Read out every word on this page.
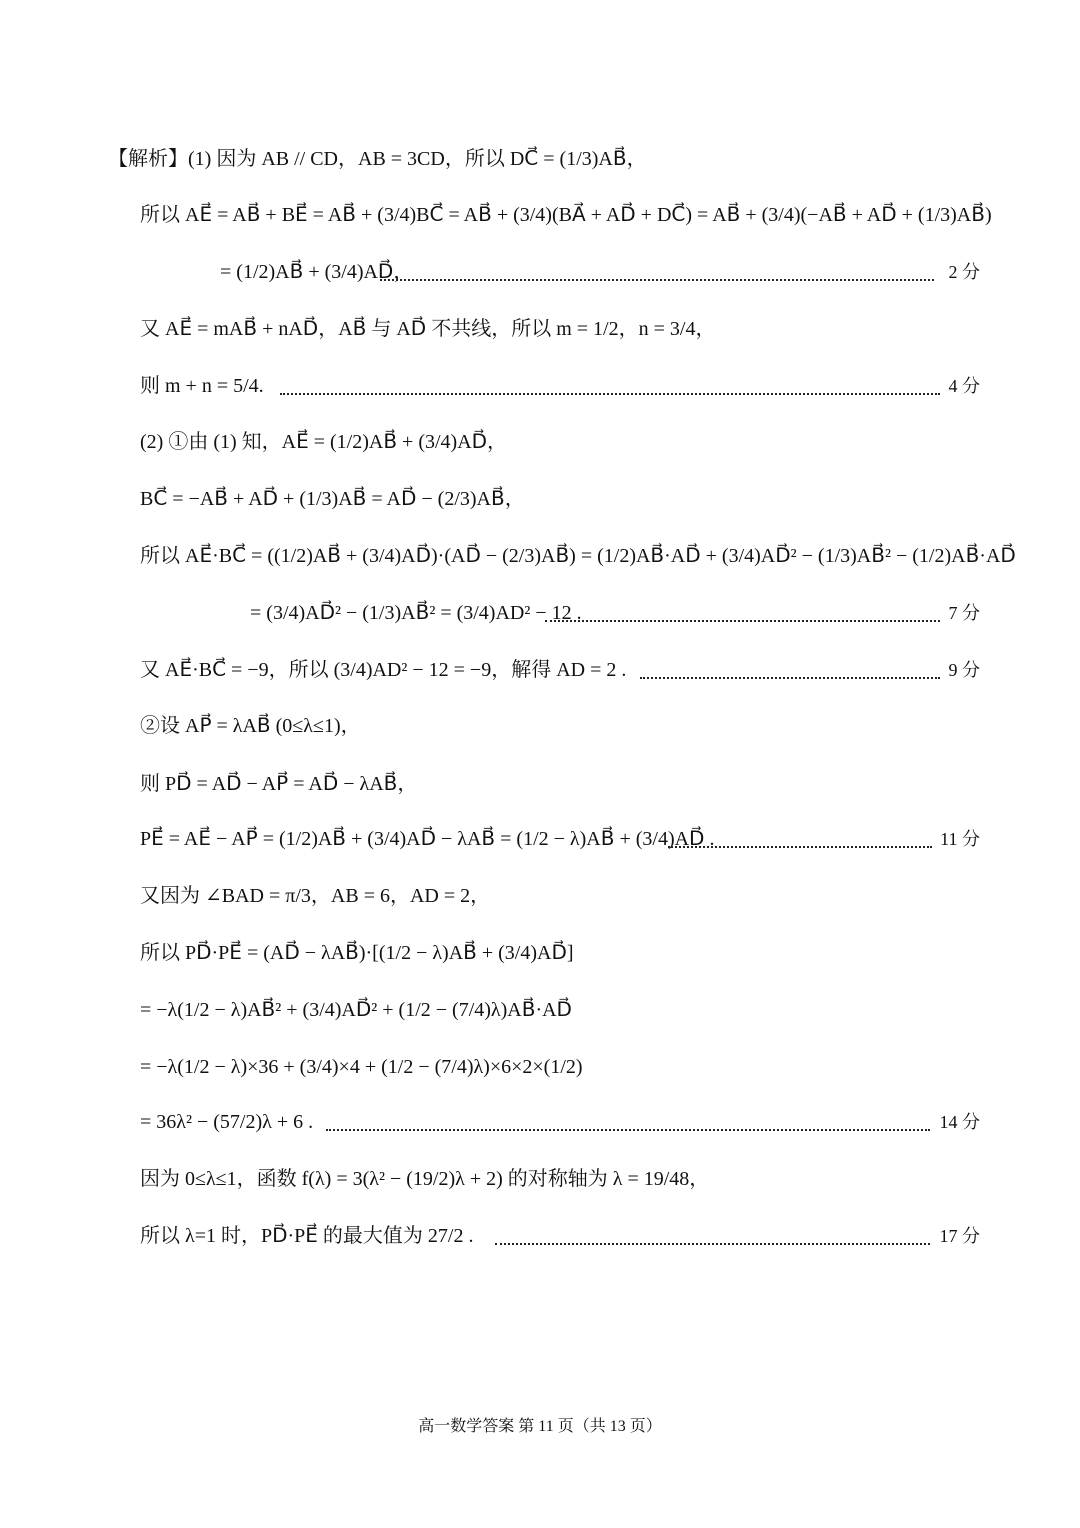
【解析】(1) 因为 AB // CD，AB = 3CD，所以 DC⃗ = (1/3)AB⃗，
所以 AE⃗ = AB⃗ + BE⃗ = AB⃗ + (3/4)BC⃗ = AB⃗ + (3/4)(BA⃗ + AD⃗ + DC⃗) = AB⃗ + (3/4)(−AB⃗ + AD⃗ + (1/3)AB⃗)
= (1/2)AB⃗ + (3/4)AD⃗，	2 分
又 AE⃗ = mAB⃗ + nAD⃗，AB⃗ 与 AD⃗ 不共线，所以 m = 1/2，n = 3/4，
则 m + n = 5/4.	4 分
(2) ①由 (1) 知，AE⃗ = (1/2)AB⃗ + (3/4)AD⃗，
BC⃗ = −AB⃗ + AD⃗ + (1/3)AB⃗ = AD⃗ − (2/3)AB⃗，
所以 AE⃗·BC⃗ = ((1/2)AB⃗ + (3/4)AD⃗)·(AD⃗ − (2/3)AB⃗) = (1/2)AB⃗·AD⃗ + (3/4)AD⃗² − (1/3)AB⃗² − (1/2)AB⃗·AD⃗
= (3/4)AD⃗² − (1/3)AB⃗² = (3/4)AD² − 12 .	7 分
又 AE⃗·BC⃗ = −9，所以 (3/4)AD² − 12 = −9，解得 AD = 2 .	9 分
②设 AP⃗ = λAB⃗ (0≤λ≤1)，
则 PD⃗ = AD⃗ − AP⃗ = AD⃗ − λAB⃗，
PE⃗ = AE⃗ − AP⃗ = (1/2)AB⃗ + (3/4)AD⃗ − λAB⃗ = (1/2 − λ)AB⃗ + (3/4)AD⃗ .	11 分
又因为 ∠BAD = π/3，AB = 6，AD = 2，
所以 PD⃗·PE⃗ = (AD⃗ − λAB⃗)·[(1/2 − λ)AB⃗ + (3/4)AD⃗]
= −λ(1/2 − λ)AB⃗² + (3/4)AD⃗² + (1/2 − (7/4)λ)AB⃗·AD⃗
= −λ(1/2 − λ)×36 + (3/4)×4 + (1/2 − (7/4)λ)×6×2×(1/2)
= 36λ² − (57/2)λ + 6 .	14 分
因为 0≤λ≤1，函数 f(λ) = 3(λ² − (19/2)λ + 2) 的对称轴为 λ = 19/48，
所以 λ=1 时，PD⃗·PE⃗ 的最大值为 27/2 .	17 分
高一数学答案 第 11 页（共 13 页）
